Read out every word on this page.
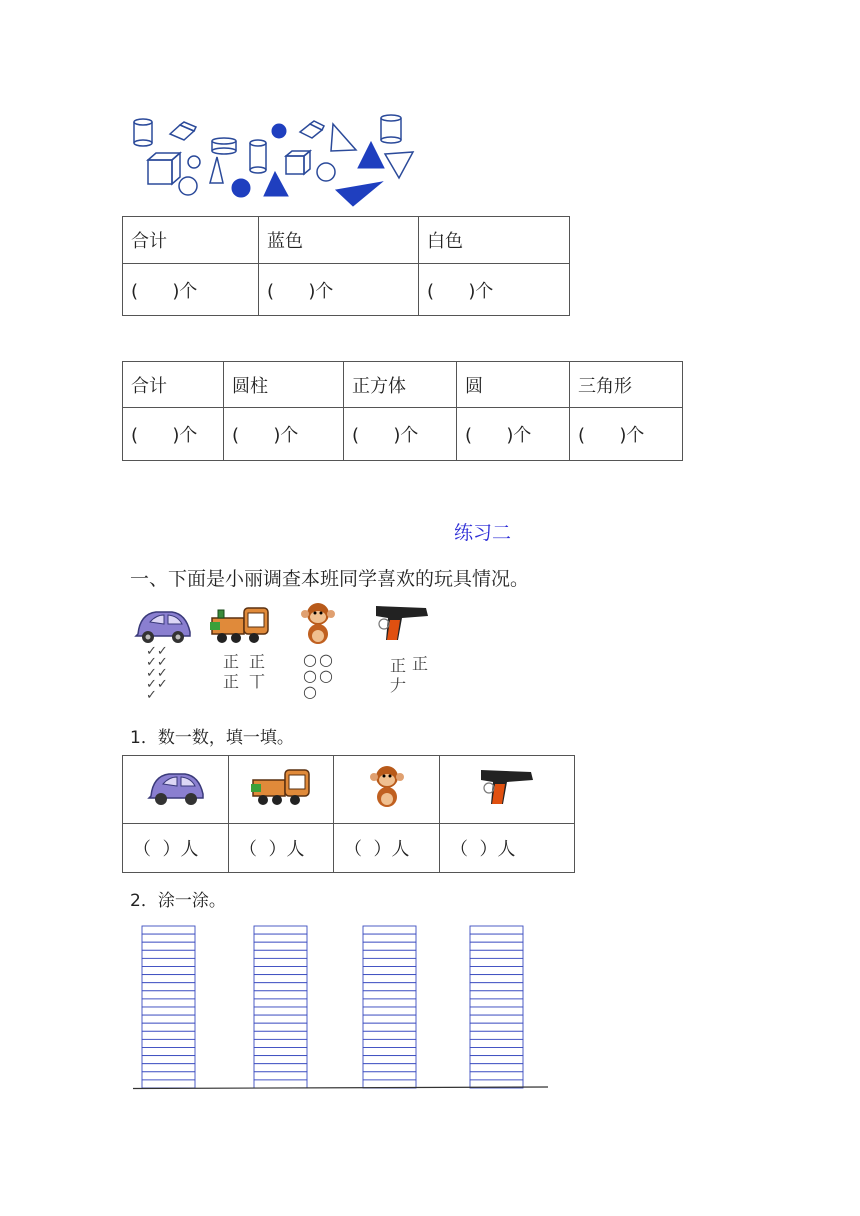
合计	蓝色	白色
(      )个	(      )个	(      )个
合计	圆柱	正方体	圆	三角形
(      )个	(      )个	(      )个	(      )个	(      )个
练习二
一、下面是小丽调查本班同学喜欢的玩具情况。
✓✓
✓✓
✓✓
✓✓
✓
正
正
正
丅
○○
○○
○
正
𠂇
正
1．数一数，填一填。

（  ）人	（  ）人	（  ）人	（  ）人
2．涂一涂。
